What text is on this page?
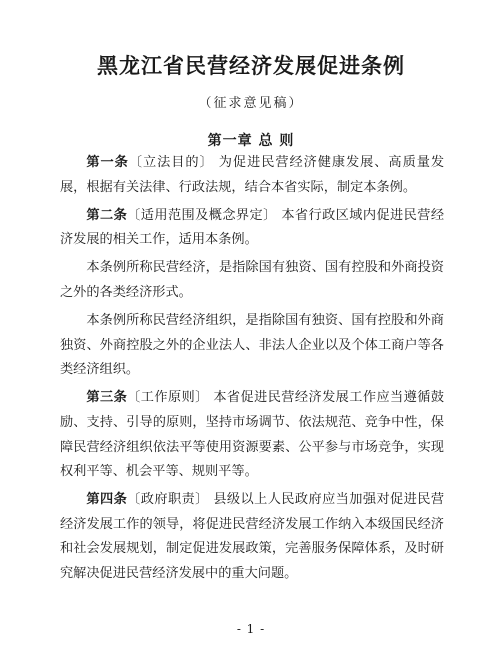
黑龙江省民营经济发展促进条例
（征求意见稿）
第一章 总 则

第一条〔立法目的〕 为促进民营经济健康发展、高质量发展，根据有关法律、行政法规，结合本省实际，制定本条例。

第二条〔适用范围及概念界定〕 本省行政区域内促进民营经济发展的相关工作，适用本条例。

本条例所称民营经济，是指除国有独资、国有控股和外商投资之外的各类经济形式。

本条例所称民营经济组织，是指除国有独资、国有控股和外商独资、外商控股之外的企业法人、非法人企业以及个体工商户等各类经济组织。

第三条〔工作原则〕 本省促进民营经济发展工作应当遵循鼓励、支持、引导的原则，坚持市场调节、依法规范、竞争中性，保障民营经济组织依法平等使用资源要素、公平参与市场竞争，实现权利平等、机会平等、规则平等。

第四条〔政府职责〕 县级以上人民政府应当加强对促进民营经济发展工作的领导，将促进民营经济发展工作纳入本级国民经济和社会发展规划，制定促进发展政策，完善服务保障体系，及时研究解决促进民营经济发展中的重大问题。

- 1 -
